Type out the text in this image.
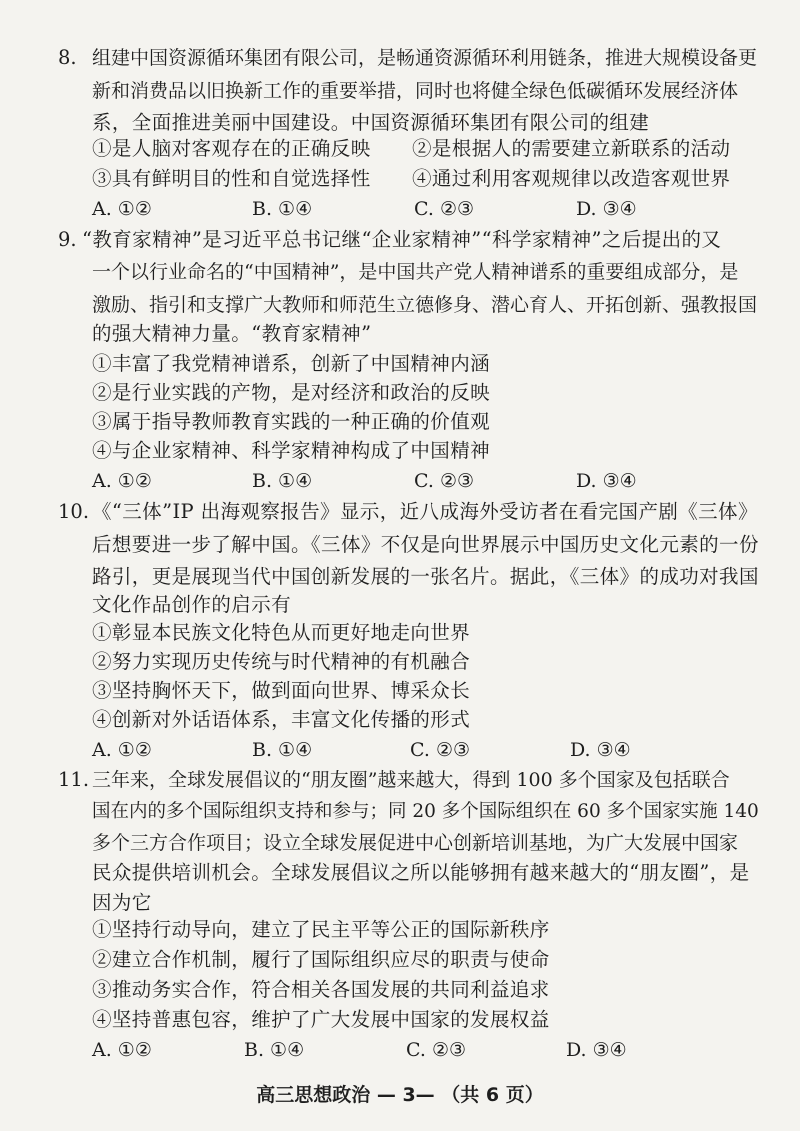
8. 组建中国资源循环集团有限公司，是畅通资源循环利用链条，推进大规模设备更
新和消费品以旧换新工作的重要举措，同时也将健全绿色低碳循环发展经济体
系，全面推进美丽中国建设。中国资源循环集团有限公司的组建
①是人脑对客观存在的正确反映 ②是根据人的需要建立新联系的活动
③具有鲜明目的性和自觉选择性 ④通过利用客观规律以改造客观世界
A. ①②	B. ①④	C. ②③	D. ③④
9. “教育家精神”是习近平总书记继“企业家精神”“科学家精神”之后提出的又
一个以行业命名的“中国精神”，是中国共产党人精神谱系的重要组成部分，是
激励、指引和支撑广大教师和师范生立德修身、潜心育人、开拓创新、强教报国
的强大精神力量。“教育家精神”
①丰富了我党精神谱系，创新了中国精神内涵
②是行业实践的产物，是对经济和政治的反映
③属于指导教师教育实践的一种正确的价值观
④与企业家精神、科学家精神构成了中国精神
A. ①②	B. ①④	C. ②③	D. ③④
10. 《“三体”IP 出海观察报告》显示，近八成海外受访者在看完国产剧《三体》
后想要进一步了解中国。《三体》不仅是向世界展示中国历史文化元素的一份
路引，更是展现当代中国创新发展的一张名片。据此，《三体》的成功对我国
文化作品创作的启示有
①彰显本民族文化特色从而更好地走向世界
②努力实现历史传统与时代精神的有机融合
③坚持胸怀天下，做到面向世界、博采众长
④创新对外话语体系，丰富文化传播的形式
A. ①②	B. ①④	C. ②③	D. ③④
11. 三年来，全球发展倡议的“朋友圈”越来越大，得到 100 多个国家及包括联合
国在内的多个国际组织支持和参与；同 20 多个国际组织在 60 多个国家实施 140
多个三方合作项目；设立全球发展促进中心创新培训基地，为广大发展中国家
民众提供培训机会。全球发展倡议之所以能够拥有越来越大的“朋友圈”，是
因为它
①坚持行动导向，建立了民主平等公正的国际新秩序
②建立合作机制，履行了国际组织应尽的职责与使命
③推动务实合作，符合相关各国发展的共同利益追求
④坚持普惠包容，维护了广大发展中国家的发展权益
A. ①②	B. ①④	C. ②③	D. ③④
高三思想政治 — 3— （共 6 页）
